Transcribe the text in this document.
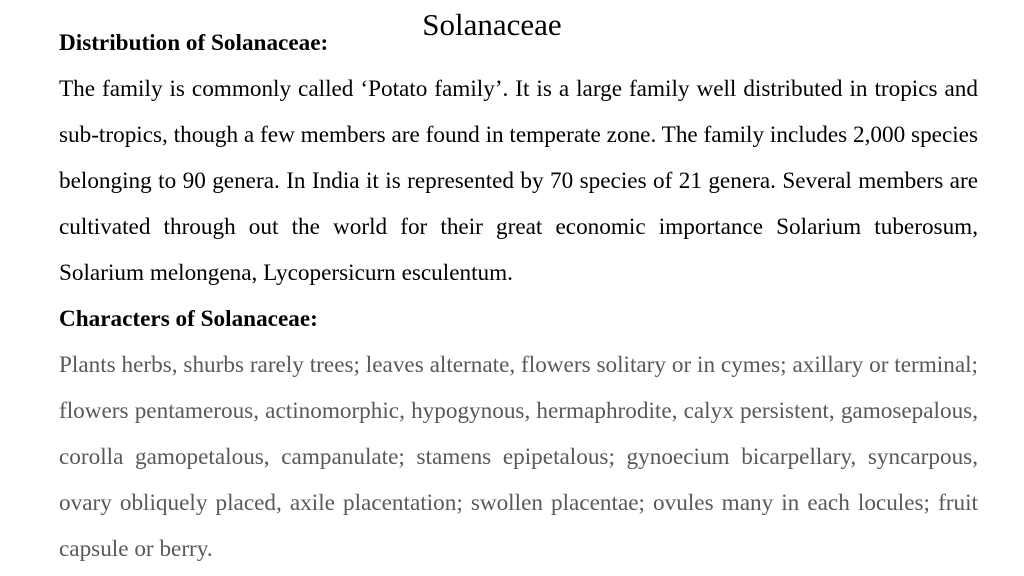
Solanaceae

Distribution of Solanaceae:

The family is commonly called ‘Potato family’. It is a large family well distributed in tropics and sub-tropics, though a few members are found in temperate zone. The family includes 2,000 species belonging to 90 genera. In India it is represented by 70 species of 21 genera. Several members are cultivated through out the world for their great economic importance Solarium tuberosum, Solarium melongena, Lycopersicurn esculentum.

Characters of Solanaceae:

Plants herbs, shurbs rarely trees; leaves alternate, flowers solitary or in cymes; axillary or terminal; flowers pentamerous, actinomorphic, hypogynous, hermaphrodite, calyx persistent, gamosepalous, corolla gamopetalous, campanulate; stamens epipetalous; gynoecium bicarpellary, syncarpous, ovary obliquely placed, axile placentation; swollen placentae; ovules many in each locules; fruit capsule or berry.
